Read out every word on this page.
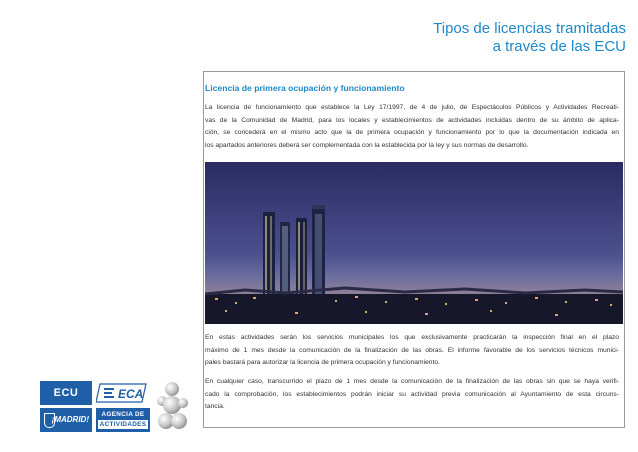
Tipos de licencias tramitadas
a través de las ECU
Licencia de primera ocupación y funcionamiento
La licencia de funcionamiento que establece la Ley 17/1997, de 4 de julio, de Espectáculos Públicos y Actividades Recreati-
vas de la Comunidad de Madrid, para los locales y establecimientos de actividades incluidas dentro de su ámbito de aplica-
ción, se concederá en el mismo acto que la de primera ocupación y funcionamiento por lo que la documentación indicada en
los apartados anteriores deberá ser complementada con la establecida por la ley y sus normas de desarrollo.
En estas actividades serán los servicios municipales los que exclusivamente practicarán la inspección final en el plazo
máximo de 1 mes desde la comunicación de la finalización de las obras. El informe favorable de los servicios técnicos munici-
pales bastará para autorizar la licencia de primera ocupación y funcionamiento.
En cualquier caso, transcurrido el plazo de 1 mes desde la comunicación de la finalización de las obras sin que se haya verifi-
cado la comprobación, los establecimientos podrán iniciar su actividad previa comunicación al Ayuntamiento de esta circuns-
tancia.
ECU
¡MADRID!
ECA
AGENCIA DE
ACTIVIDADES
